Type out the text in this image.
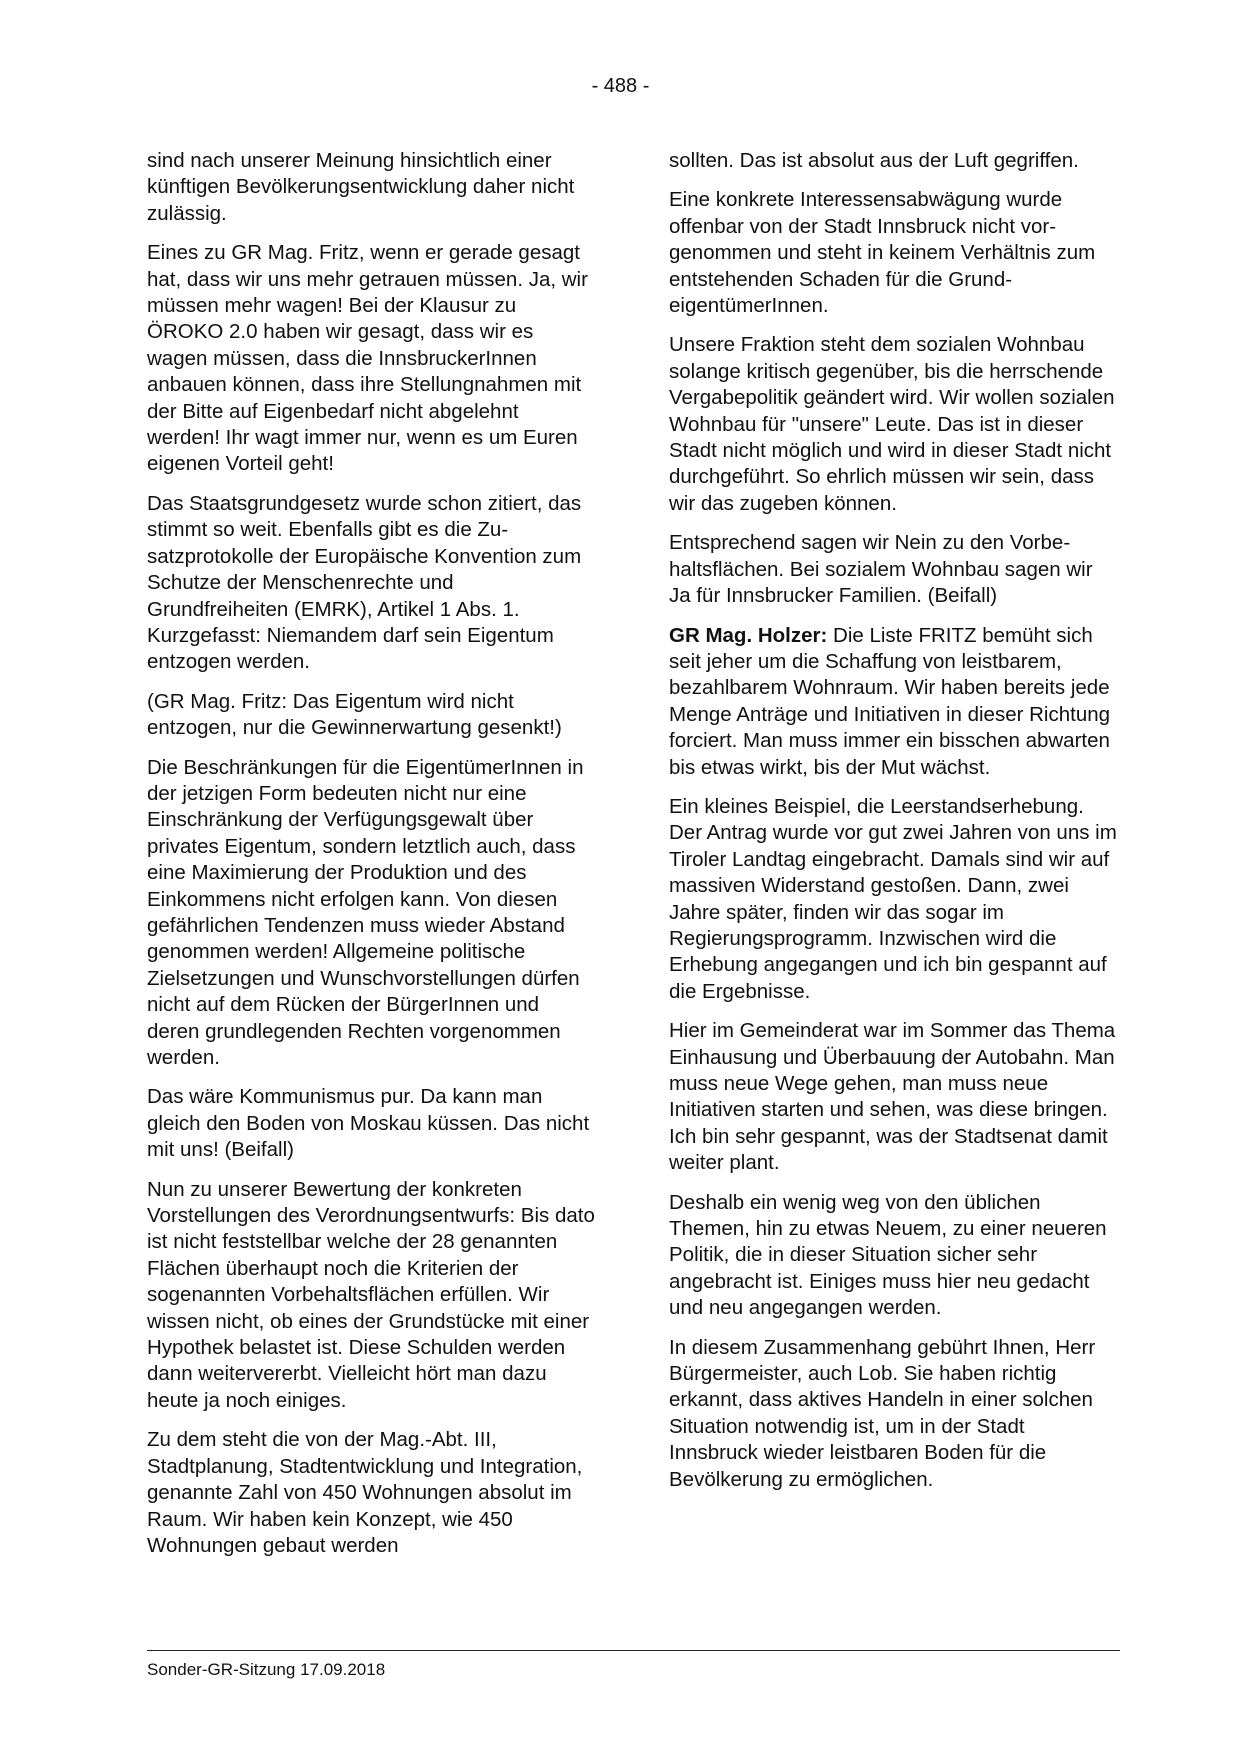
- 488 -

sind nach unserer Meinung hinsichtlich einer künftigen Bevölkerungsentwicklung daher nicht zulässig.

Eines zu GR Mag. Fritz, wenn er gerade gesagt hat, dass wir uns mehr getrauen müssen. Ja, wir müssen mehr wagen! Bei der Klausur zu ÖROKO 2.0 haben wir gesagt, dass wir es wagen müssen, dass die InnsbruckerInnen anbauen können, dass ihre Stellungnahmen mit der Bitte auf Eigenbedarf nicht abgelehnt werden! Ihr wagt immer nur, wenn es um Euren eigenen Vorteil geht!

Das Staatsgrundgesetz wurde schon zitiert, das stimmt so weit. Ebenfalls gibt es die Zusatzprotokolle der Europäische Konvention zum Schutze der Menschenrechte und Grundfreiheiten (EMRK), Artikel 1 Abs. 1. Kurzgefasst: Niemandem darf sein Eigentum entzogen werden.

(GR Mag. Fritz: Das Eigentum wird nicht entzogen, nur die Gewinnerwartung gesenkt!)

Die Beschränkungen für die EigentümerInnen in der jetzigen Form bedeuten nicht nur eine Einschränkung der Verfügungsgewalt über privates Eigentum, sondern letztlich auch, dass eine Maximierung der Produktion und des Einkommens nicht erfolgen kann. Von diesen gefährlichen Tendenzen muss wieder Abstand genommen werden! Allgemeine politische Zielsetzungen und Wunschvorstellungen dürfen nicht auf dem Rücken der BürgerInnen und deren grundlegenden Rechten vorgenommen werden.

Das wäre Kommunismus pur. Da kann man gleich den Boden von Moskau küssen. Das nicht mit uns! (Beifall)

Nun zu unserer Bewertung der konkreten Vorstellungen des Verordnungsentwurfs: Bis dato ist nicht feststellbar welche der 28 genannten Flächen überhaupt noch die Kriterien der sogenannten Vorbehaltsflächen erfüllen. Wir wissen nicht, ob eines der Grundstücke mit einer Hypothek belastet ist. Diese Schulden werden dann weitervererbt. Vielleicht hört man dazu heute ja noch einiges.

Zu dem steht die von der Mag.-Abt. III, Stadtplanung, Stadtentwicklung und Integration, genannte Zahl von 450 Wohnungen absolut im Raum. Wir haben kein Konzept, wie 450 Wohnungen gebaut werden

sollten. Das ist absolut aus der Luft gegriffen.

Eine konkrete Interessensabwägung wurde offenbar von der Stadt Innsbruck nicht vorgenommen und steht in keinem Verhältnis zum entstehenden Schaden für die GrundeigentümerInnen.

Unsere Fraktion steht dem sozialen Wohnbau solange kritisch gegenüber, bis die herrschende Vergabepolitik geändert wird. Wir wollen sozialen Wohnbau für "unsere" Leute. Das ist in dieser Stadt nicht möglich und wird in dieser Stadt nicht durchgeführt. So ehrlich müssen wir sein, dass wir das zugeben können.

Entsprechend sagen wir Nein zu den Vorbehaltsflächen. Bei sozialem Wohnbau sagen wir Ja für Innsbrucker Familien. (Beifall)

GR Mag. Holzer: Die Liste FRITZ bemüht sich seit jeher um die Schaffung von leistbarem, bezahlbarem Wohnraum. Wir haben bereits jede Menge Anträge und Initiativen in dieser Richtung forciert. Man muss immer ein bisschen abwarten bis etwas wirkt, bis der Mut wächst.

Ein kleines Beispiel, die Leerstandserhebung. Der Antrag wurde vor gut zwei Jahren von uns im Tiroler Landtag eingebracht. Damals sind wir auf massiven Widerstand gestoßen. Dann, zwei Jahre später, finden wir das sogar im Regierungsprogramm. Inzwischen wird die Erhebung angegangen und ich bin gespannt auf die Ergebnisse.

Hier im Gemeinderat war im Sommer das Thema Einhausung und Überbauung der Autobahn. Man muss neue Wege gehen, man muss neue Initiativen starten und sehen, was diese bringen. Ich bin sehr gespannt, was der Stadtsenat damit weiter plant.

Deshalb ein wenig weg von den üblichen Themen, hin zu etwas Neuem, zu einer neueren Politik, die in dieser Situation sicher sehr angebracht ist. Einiges muss hier neu gedacht und neu angegangen werden.

In diesem Zusammenhang gebührt Ihnen, Herr Bürgermeister, auch Lob. Sie haben richtig erkannt, dass aktives Handeln in einer solchen Situation notwendig ist, um in der Stadt Innsbruck wieder leistbaren Boden für die Bevölkerung zu ermöglichen.

Sonder-GR-Sitzung 17.09.2018
